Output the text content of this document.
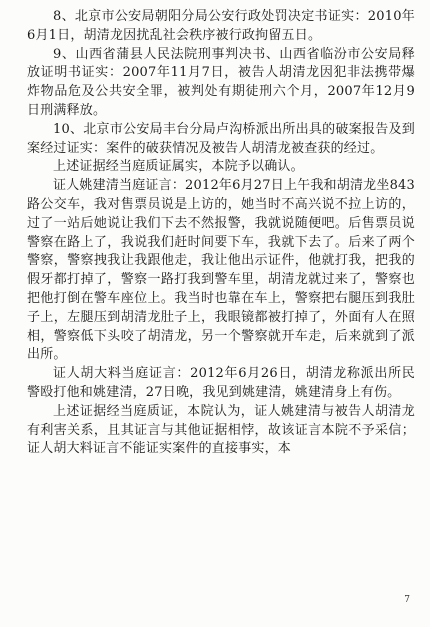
8、北京市公安局朝阳分局公安行政处罚决定书证实：2010年6月1日，胡清龙因扰乱社会秩序被行政拘留五日。

9、山西省蒲县人民法院刑事判决书、山西省临汾市公安局释放证明书证实：2007年11月7日，被告人胡清龙因犯非法携带爆炸物品危及公共安全罪，被判处有期徒刑六个月，2007年12月9日刑满释放。

10、北京市公安局丰台分局卢沟桥派出所出具的破案报告及到案经过证实：案件的破获情况及被告人胡清龙被查获的经过。

上述证据经当庭质证属实，本院予以确认。

证人姚建清当庭证言：2012年6月27日上午我和胡清龙坐843路公交车，我对售票员说是上访的，她当时不高兴说不拉上访的，过了一站后她说让我们下去不然报警，我就说随便吧。后售票员说警察在路上了，我说我们赶时间要下车，我就下去了。后来了两个警察，警察拽我让我跟他走，我让他出示证件，他就打我，把我的假牙都打掉了，警察一路打我到警车里，胡清龙就过来了，警察也把他打倒在警车座位上。我当时也靠在车上，警察把右腿压到我肚子上，左腿压到胡清龙肚子上，我眼镜都被打掉了，外面有人在照相，警察低下头咬了胡清龙，另一个警察就开车走，后来就到了派出所。

证人胡大料当庭证言：2012年6月26日，胡清龙称派出所民警殴打他和姚建清，27日晚，我见到姚建清，姚建清身上有伤。

上述证据经当庭质证，本院认为，证人姚建清与被告人胡清龙有利害关系，且其证言与其他证据相悖，故该证言本院不予采信；证人胡大料证言不能证实案件的直接事实，本

7
